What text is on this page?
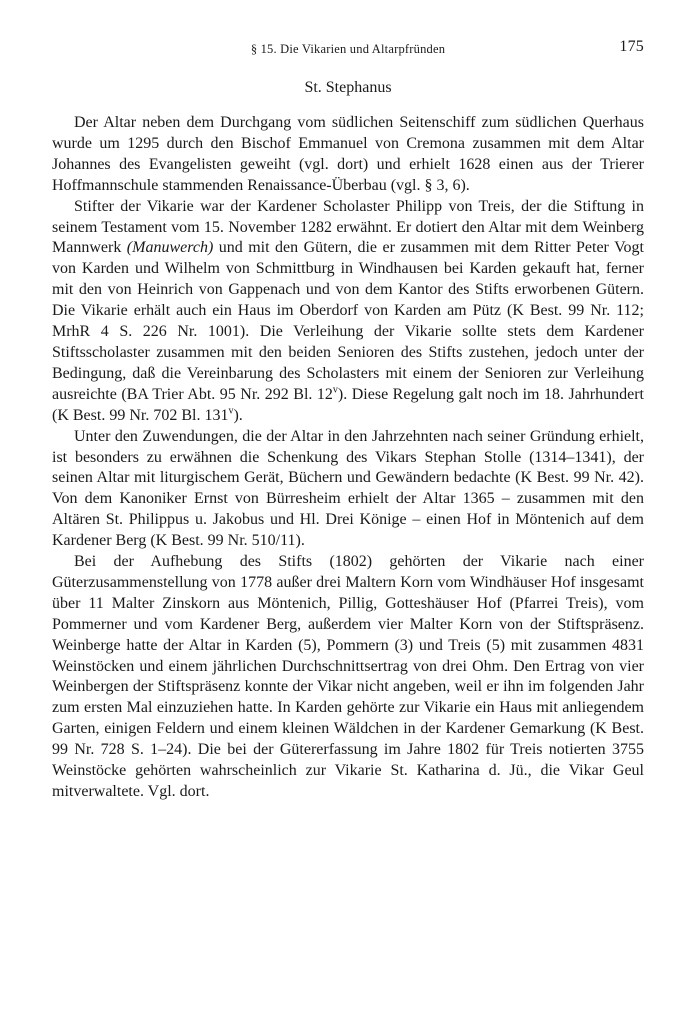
§ 15. Die Vikarien und Altarpfründen	175
St. Stephanus

Der Altar neben dem Durchgang vom südlichen Seitenschiff zum südlichen Querhaus wurde um 1295 durch den Bischof Emmanuel von Cremona zusammen mit dem Altar Johannes des Evangelisten geweiht (vgl. dort) und erhielt 1628 einen aus der Trierer Hoffmannschule stammenden Renaissance-Überbau (vgl. § 3, 6).

Stifter der Vikarie war der Kardener Scholaster Philipp von Treis, der die Stiftung in seinem Testament vom 15. November 1282 erwähnt. Er dotiert den Altar mit dem Weinberg Mannwerk (Manuwerch) und mit den Gütern, die er zusammen mit dem Ritter Peter Vogt von Karden und Wilhelm von Schmittburg in Windhausen bei Karden gekauft hat, ferner mit den von Heinrich von Gappenach und von dem Kantor des Stifts erworbenen Gütern. Die Vikarie erhält auch ein Haus im Oberdorf von Karden am Pütz (K Best. 99 Nr. 112; MrhR 4 S. 226 Nr. 1001). Die Verleihung der Vikarie sollte stets dem Kardener Stiftsscholaster zusammen mit den beiden Senioren des Stifts zustehen, jedoch unter der Bedingung, daß die Vereinbarung des Scholasters mit einem der Senioren zur Verleihung ausreichte (BA Trier Abt. 95 Nr. 292 Bl. 12$^v$). Diese Regelung galt noch im 18. Jahrhundert (K Best. 99 Nr. 702 Bl. 131$^v$).

Unter den Zuwendungen, die der Altar in den Jahrzehnten nach seiner Gründung erhielt, ist besonders zu erwähnen die Schenkung des Vikars Stephan Stolle (1314–1341), der seinen Altar mit liturgischem Gerät, Büchern und Gewändern bedachte (K Best. 99 Nr. 42). Von dem Kanoniker Ernst von Bürresheim erhielt der Altar 1365 – zusammen mit den Altären St. Philippus u. Jakobus und Hl. Drei Könige – einen Hof in Möntenich auf dem Kardener Berg (K Best. 99 Nr. 510/11).

Bei der Aufhebung des Stifts (1802) gehörten der Vikarie nach einer Güterzusammenstellung von 1778 außer drei Maltern Korn vom Windhäuser Hof insgesamt über 11 Malter Zinskorn aus Möntenich, Pillig, Gotteshäuser Hof (Pfarrei Treis), vom Pommerner und vom Kardener Berg, außerdem vier Malter Korn von der Stiftspräsenz. Weinberge hatte der Altar in Karden (5), Pommern (3) und Treis (5) mit zusammen 4831 Weinstöcken und einem jährlichen Durchschnittsertrag von drei Ohm. Den Ertrag von vier Weinbergen der Stiftspräsenz konnte der Vikar nicht angeben, weil er ihn im folgenden Jahr zum ersten Mal einzuziehen hatte. In Karden gehörte zur Vikarie ein Haus mit anliegendem Garten, einigen Feldern und einem kleinen Wäldchen in der Kardener Gemarkung (K Best. 99 Nr. 728 S. 1–24). Die bei der Gütererfassung im Jahre 1802 für Treis notierten 3755 Weinstöcke gehörten wahrscheinlich zur Vikarie St. Katharina d. Jü., die Vikar Geul mitverwaltete. Vgl. dort.
